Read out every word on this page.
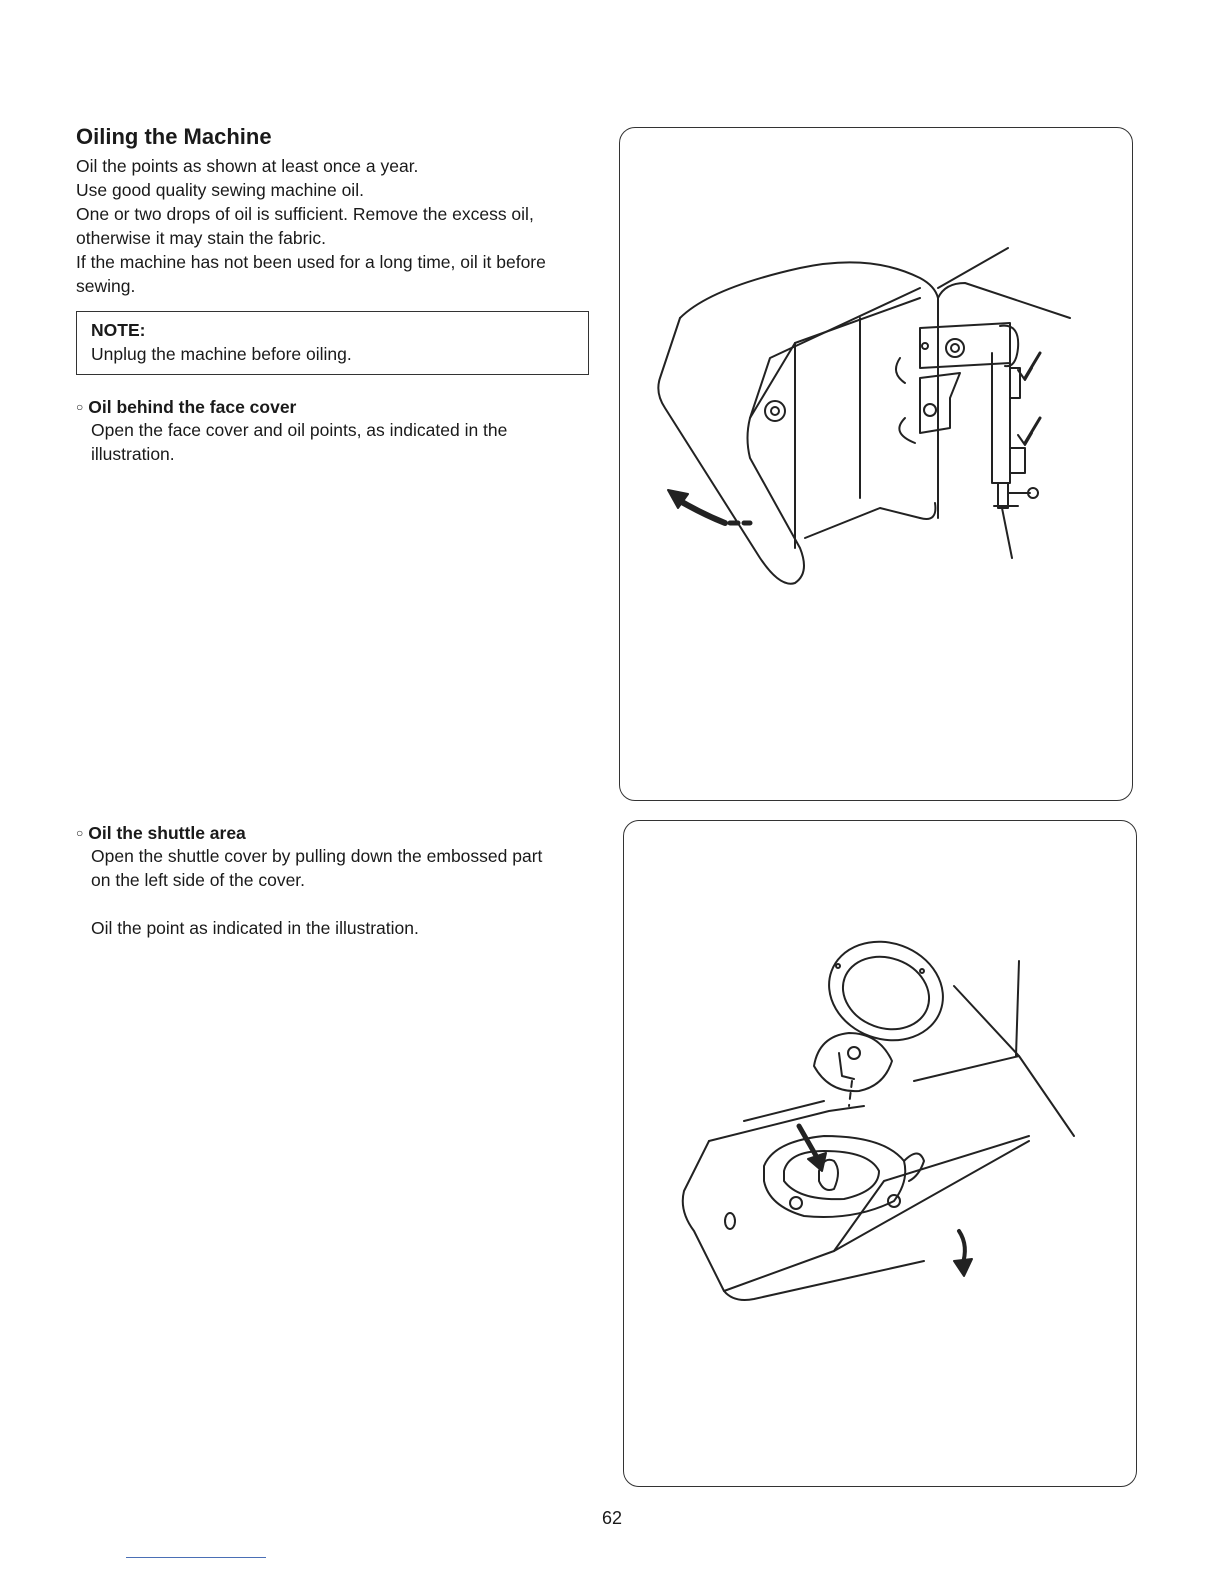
Oiling the Machine

Oil the points as shown at least once a year.

Use good quality sewing machine oil.

One or two drops of oil is sufficient. Remove the excess oil, otherwise it may stain the fabric.

If the machine has not been used for a long time, oil it before sewing.

NOTE:
Unplug the machine before oiling.

○ Oil behind the face cover

Open the face cover and oil points, as indicated in the illustration.

○ Oil the shuttle area

Open the shuttle cover by pulling down the embossed part on the left side of the cover.

Oil the point as indicated in the illustration.

62
